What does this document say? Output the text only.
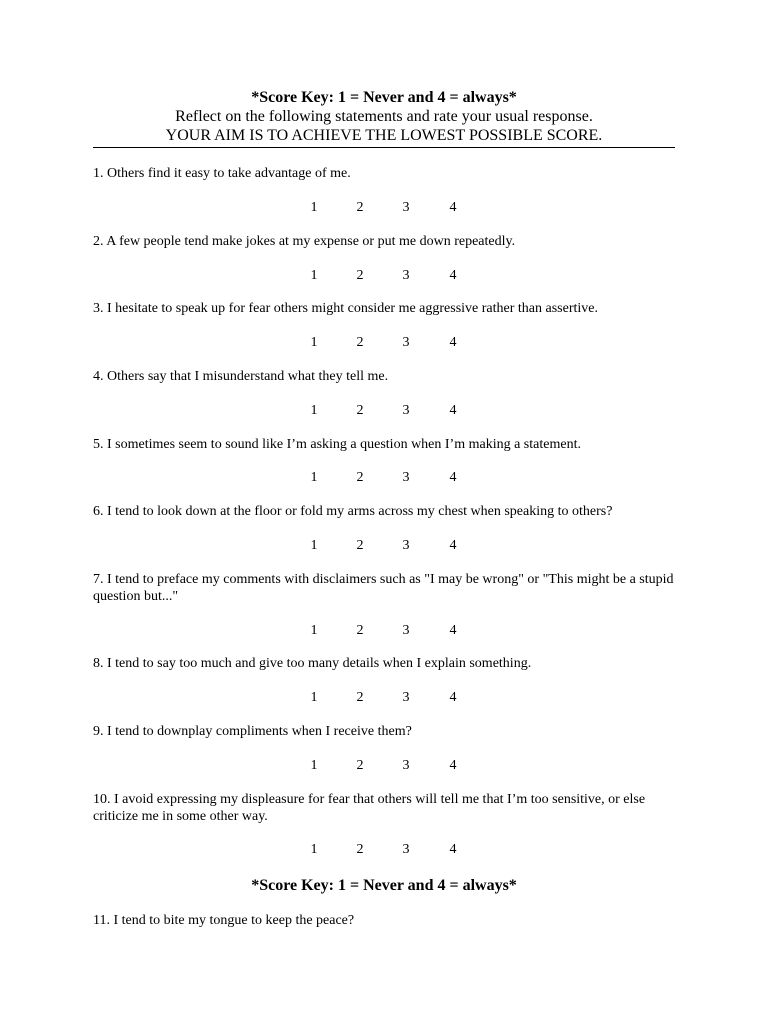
*Score Key: 1 = Never and 4 = always*
Reflect on the following statements and rate your usual response.
YOUR AIM IS TO ACHIEVE THE LOWEST POSSIBLE SCORE.
1. Others find it easy to take advantage of me.
1	2	3	4
2. A few people tend make jokes at my expense or put me down repeatedly.
1	2	3	4
3. I hesitate to speak up for fear others might consider me aggressive rather than assertive.
1	2	3	4
4. Others say that I misunderstand what they tell me.
1	2	3	4
5. I sometimes seem to sound like I’m asking a question when I’m making a statement.
1	2	3	4
6. I tend to look down at the floor or fold my arms across my chest when speaking to others?
1	2	3	4
7. I tend to preface my comments with disclaimers such as "I may be wrong" or "This might be a stupid question but..."
1	2	3	4
8. I tend to say too much and give too many details when I explain something.
1	2	3	4
9. I tend to downplay compliments when I receive them?
1	2	3	4
10. I avoid expressing my displeasure for fear that others will tell me that I’m too sensitive, or else criticize me in some other way.
1	2	3	4
*Score Key: 1 = Never and 4 = always*
11. I tend to bite my tongue to keep the peace?
